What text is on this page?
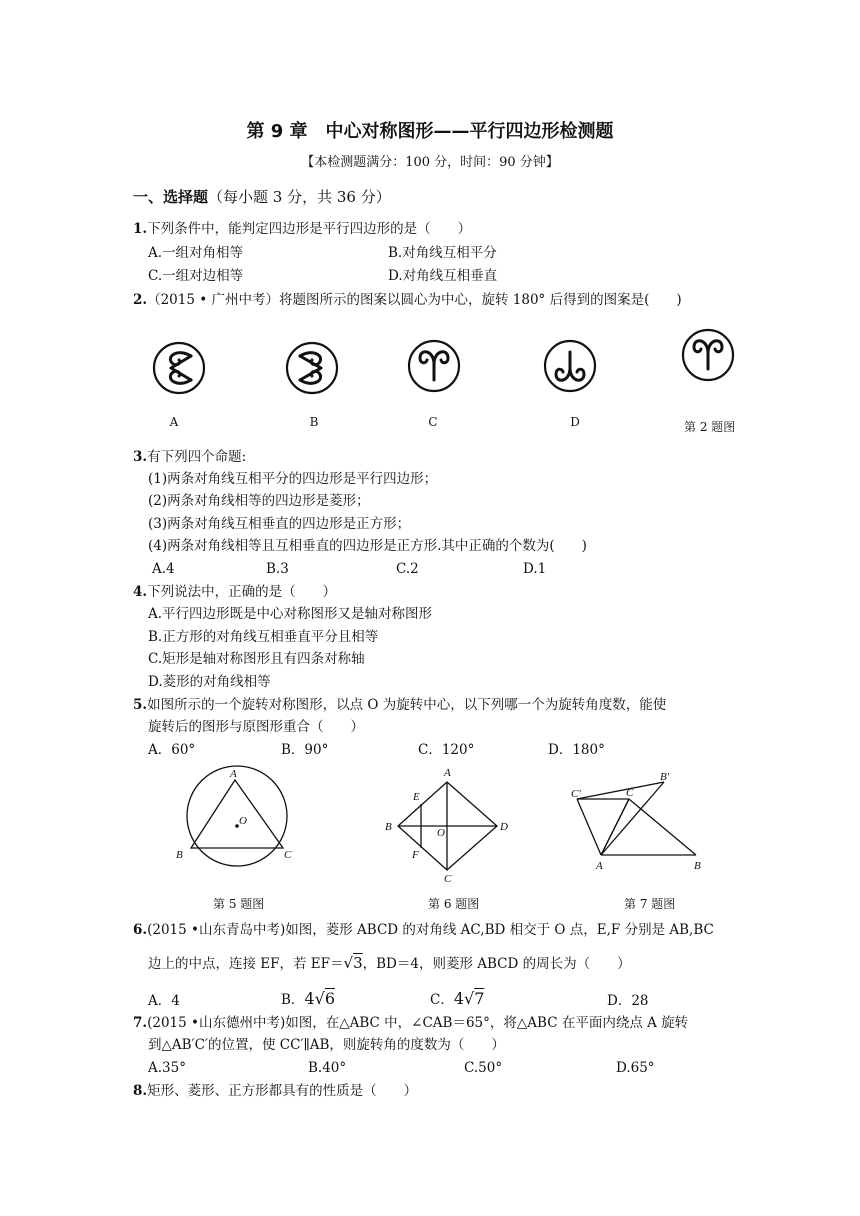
第 9 章　中心对称图形——平行四边形检测题
【本检测题满分：100 分，时间：90 分钟】
一、选择题（每小题 3 分，共 36 分）
1.下列条件中，能判定四边形是平行四边形的是（　　）
A.一组对角相等	B.对角线互相平分
C.一组对边相等	D.对角线互相垂直
2.（2015 • 广州中考）将题图所示的图案以圆心为中心，旋转 180° 后得到的图案是(　　)
A	B	C	D	第 2 题图
3.有下列四个命题:
(1)两条对角线互相平分的四边形是平行四边形；
(2)两条对角线相等的四边形是菱形；
(3)两条对角线互相垂直的四边形是正方形；
(4)两条对角线相等且互相垂直的四边形是正方形.其中正确的个数为(　　)
A.4	B.3	C.2	D.1
4.下列说法中，正确的是（　　）
A.平行四边形既是中心对称图形又是轴对称图形
B.正方形的对角线互相垂直平分且相等
C.矩形是轴对称图形且有四条对称轴
D.菱形的对角线相等
5.如图所示的一个旋转对称图形，以点 O 为旋转中心，以下列哪一个为旋转角度数，能使
旋转后的图形与原图形重合（　　）
A．60°	B．90°	C．120°	D．180°
A
B	C
O
A
B
C
D
E
F
O
A	B
C
C′
B′
第 5 题图	第 6 题图	第 7 题图
6.(2015 •山东青岛中考)如图，菱形 ABCD 的对角线 AC,BD 相交于 O 点，E,F 分别是 AB,BC
边上的中点，连接 EF，若 EF＝√3，BD＝4，则菱形 ABCD 的周长为（　　）
A．4	B．4√6	C．4√7	D．28
7.(2015 •山东德州中考)如图，在△ABC 中，∠CAB＝65°，将△ABC 在平面内绕点 A 旋转
到△AB′C′的位置，使 CC′∥AB，则旋转角的度数为（　　）
A.35°	B.40°	C.50°	D.65°
8.矩形、菱形、正方形都具有的性质是（　　）
